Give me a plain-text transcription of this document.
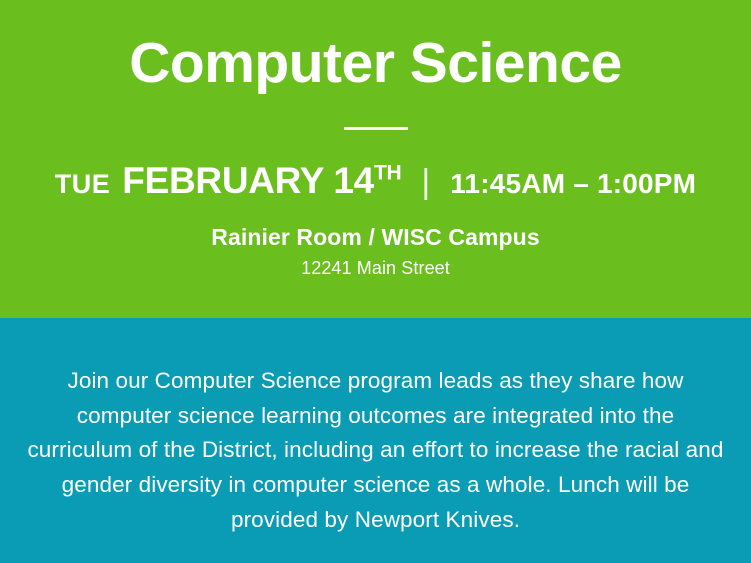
Computer Science
TUE FEBRUARY 14TH | 11:45AM – 1:00PM
Rainier Room / WISC Campus
12241 Main Street

Join our Computer Science program leads as they share how computer science learning outcomes are integrated into the curriculum of the District, including an effort to increase the racial and gender diversity in computer science as a whole. Lunch will be provided by Newport Knives.
